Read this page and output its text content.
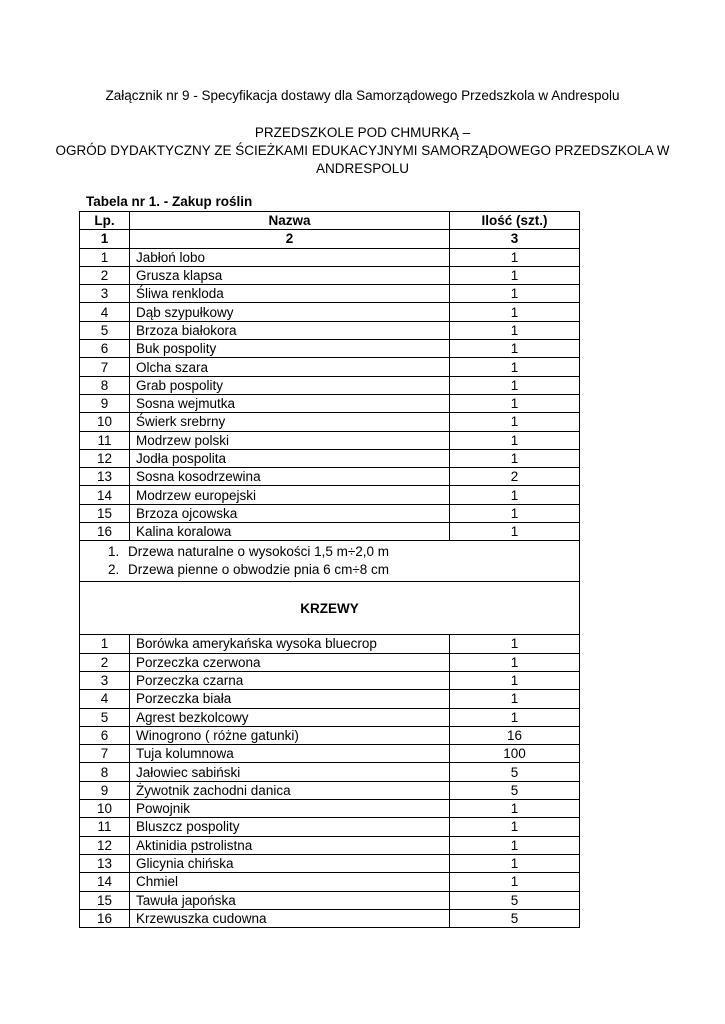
Załącznik nr 9 - Specyfikacja dostawy dla Samorządowego Przedszkola w Andrespolu
PRZEDSZKOLE POD CHMURKĄ –
OGRÓD DYDAKTYCZNY ZE ŚCIEŻKAMI EDUKACYJNYMI SAMORZĄDOWEGO PRZEDSZKOLA W
ANDRESPOLU
Tabela nr 1. - Zakup roślin
Lp.	Nazwa	Ilość (szt.)
1	2	3
1	Jabłoń lobo	1
2	Grusza klapsa	1
3	Śliwa renkloda	1
4	Dąb szypułkowy	1
5	Brzoza białokora	1
6	Buk pospolity	1
7	Olcha szara	1
8	Grab pospolity	1
9	Sosna wejmutka	1
10	Świerk srebrny	1
11	Modrzew polski	1
12	Jodła pospolita	1
13	Sosna kosodrzewina	2
14	Modrzew europejski	1
15	Brzoza ojcowska	1
16	Kalina koralowa	1

1. Drzewa naturalne o wysokości 1,5 m÷2,0 m
2. Drzewa pienne o obwodzie pnia 6 cm÷8 cm		

KRZEWY		
1	Borówka amerykańska wysoka bluecrop	1
2	Porzeczka czerwona	1
3	Porzeczka czarna	1
4	Porzeczka biała	1
5	Agrest bezkolcowy	1
6	Winogrono ( różne gatunki)	16
7	Tuja kolumnowa	100
8	Jałowiec sabiński	5
9	Żywotnik zachodni danica	5
10	Powojnik	1
11	Bluszcz pospolity	1
12	Aktinidia pstrolistna	1
13	Glicynia chińska	1
14	Chmiel	1
15	Tawuła japońska	5
16	Krzewuszka cudowna	5
